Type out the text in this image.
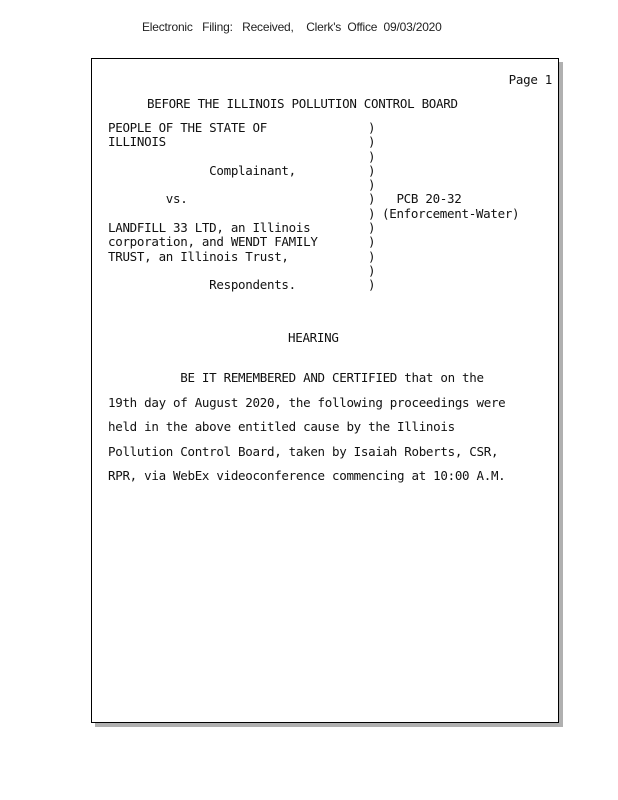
Electronic   Filing:   Received,    Clerk's  Office  09/03/2020
Page 1
BEFORE THE ILLINOIS POLLUTION CONTROL BOARD
PEOPLE OF THE STATE OF	)
ILLINOIS	)
)
Complainant,	)
)
vs.	) PCB 20-32
) (Enforcement-Water)
LANDFILL 33 LTD, an Illinois	)
corporation, and WENDT FAMILY	)
TRUST, an Illinois Trust,	)
)
Respondents.	)
HEARING
BE IT REMEMBERED AND CERTIFIED that on the
19th day of August 2020, the following proceedings were
held in the above entitled cause by the Illinois
Pollution Control Board, taken by Isaiah Roberts, CSR,
RPR, via WebEx videoconference commencing at 10:00 A.M.
